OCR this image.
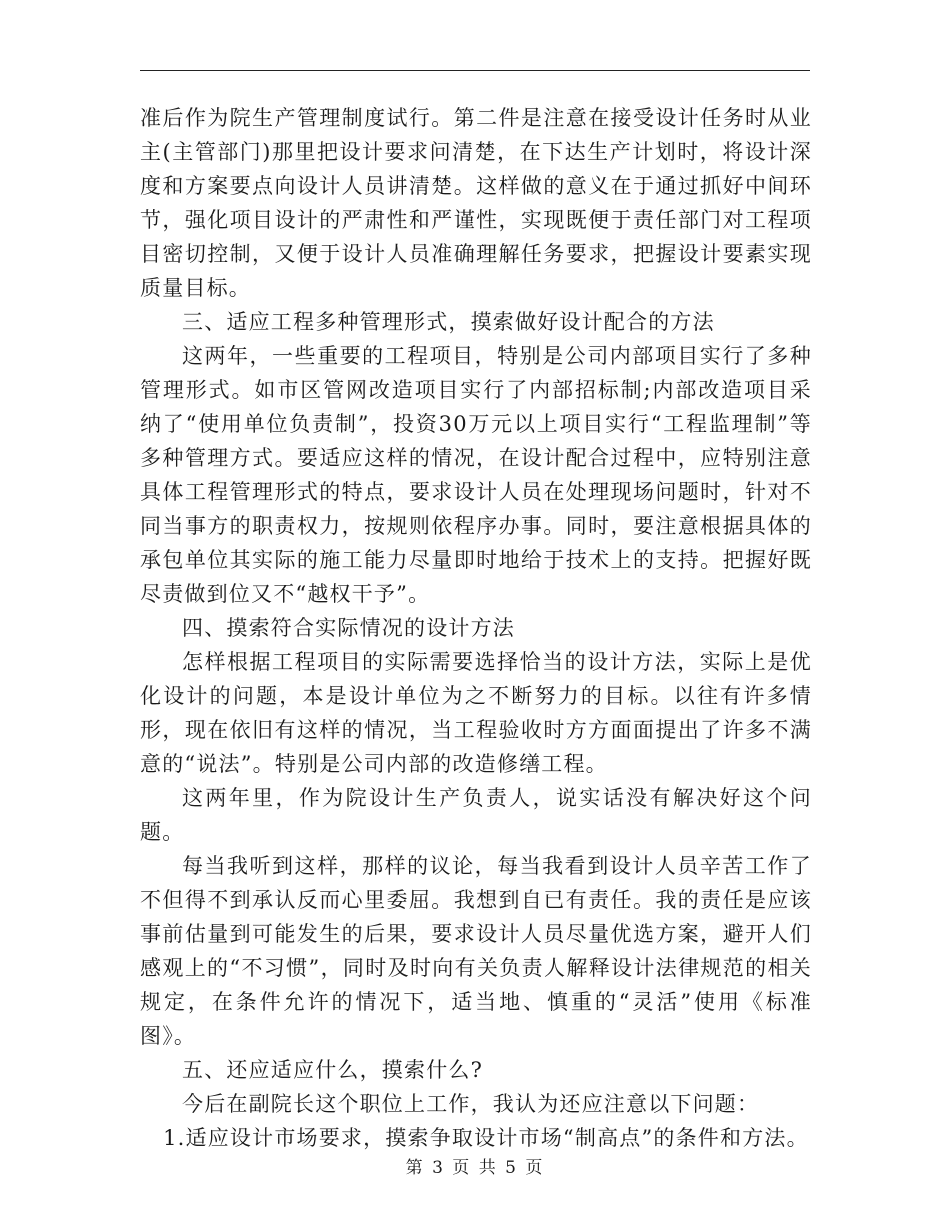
准后作为院生产管理制度试行。第二件是注意在接受设计任务时从业主(主管部门)那里把设计要求问清楚，在下达生产计划时，将设计深度和方案要点向设计人员讲清楚。这样做的意义在于通过抓好中间环节，强化项目设计的严肃性和严谨性，实现既便于责任部门对工程项目密切控制，又便于设计人员准确理解任务要求，把握设计要素实现质量目标。

三、适应工程多种管理形式，摸索做好设计配合的方法

这两年，一些重要的工程项目，特别是公司内部项目实行了多种管理形式。如市区管网改造项目实行了内部招标制;内部改造项目采纳了“使用单位负责制”，投资30万元以上项目实行“工程监理制”等多种管理方式。要适应这样的情况，在设计配合过程中，应特别注意具体工程管理形式的特点，要求设计人员在处理现场问题时，针对不同当事方的职责权力，按规则依程序办事。同时，要注意根据具体的承包单位其实际的施工能力尽量即时地给于技术上的支持。把握好既尽责做到位又不“越权干予”。

四、摸索符合实际情况的设计方法

怎样根据工程项目的实际需要选择恰当的设计方法，实际上是优化设计的问题，本是设计单位为之不断努力的目标。以往有许多情形，现在依旧有这样的情况，当工程验收时方方面面提出了许多不满意的“说法”。特别是公司内部的改造修缮工程。

这两年里，作为院设计生产负责人，说实话没有解决好这个问题。

每当我听到这样，那样的议论，每当我看到设计人员辛苦工作了不但得不到承认反而心里委屈。我想到自已有责任。我的责任是应该事前估量到可能发生的后果，要求设计人员尽量优选方案，避开人们感观上的“不习惯”，同时及时向有关负责人解释设计法律规范的相关规定，在条件允许的情况下，适当地、慎重的“灵活”使用《标准图》。

五、还应适应什么，摸索什么?

今后在副院长这个职位上工作，我认为还应注意以下问题：

1.适应设计市场要求，摸索争取设计市场“制高点”的条件和方法。

第 3 页 共 5 页
